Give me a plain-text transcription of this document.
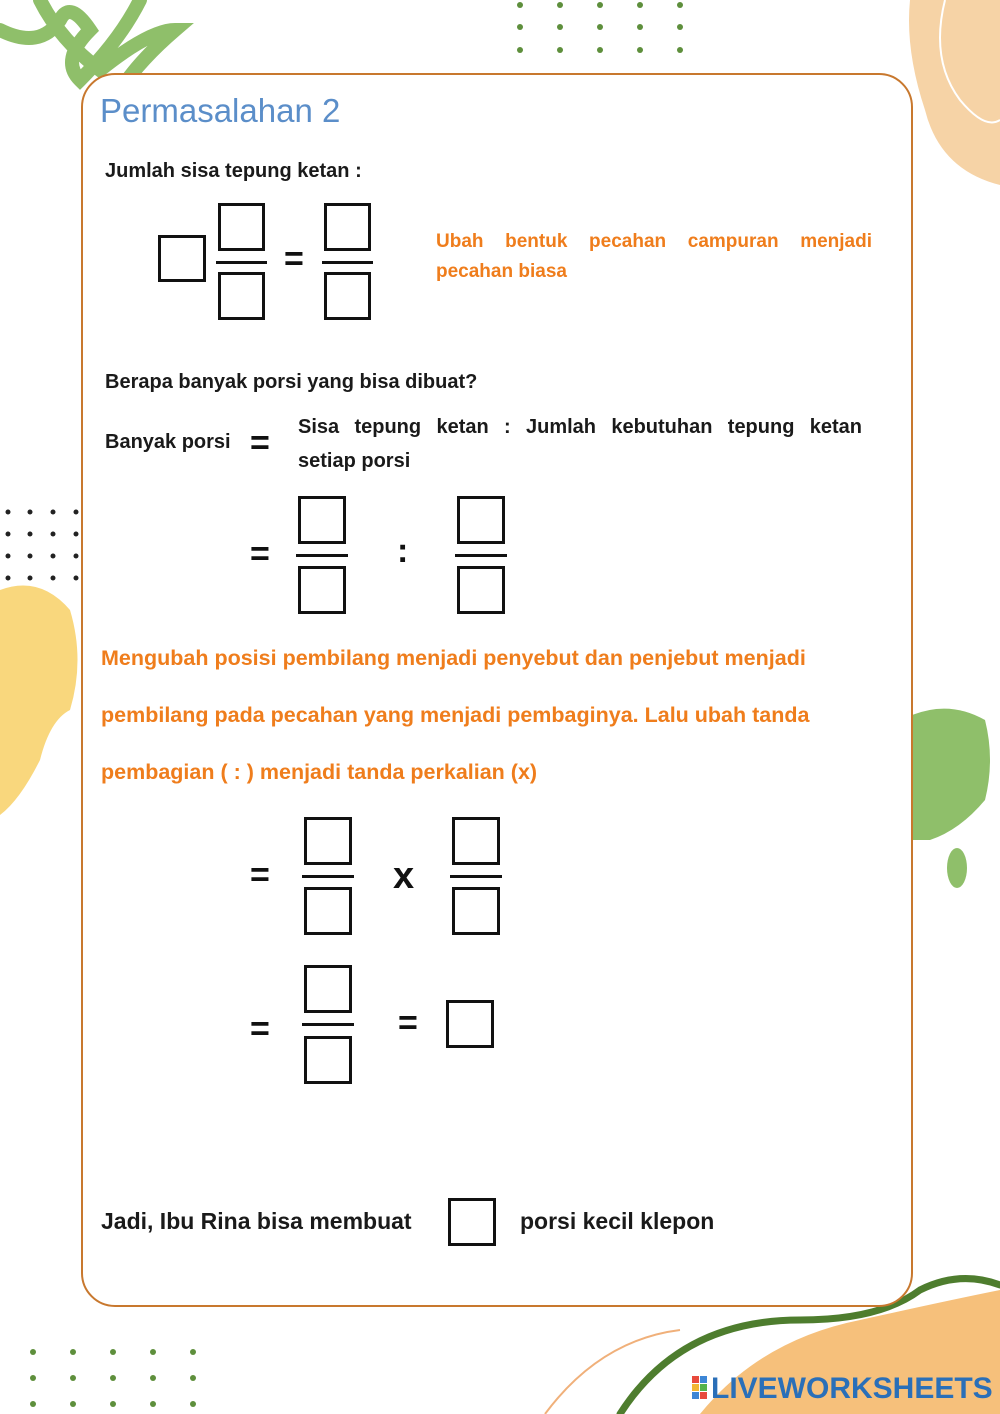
Permasalahan 2
Jumlah sisa tepung ketan :
=	Ubah bentuk pecahan campuran menjadi
pecahan biasa
Berapa banyak porsi yang bisa dibuat?
Banyak porsi = Sisa tepung ketan : Jumlah kebutuhan tepung ketan
setiap porsi
=	:
Mengubah posisi pembilang menjadi penyebut dan penjebut menjadi
pembilang pada pecahan yang menjadi pembaginya. Lalu ubah tanda
pembagian ( : ) menjadi tanda perkalian (x)
=	x
=	=
Jadi, Ibu Rina bisa membuat	porsi kecil klepon
LIVEWORKSHEETS
